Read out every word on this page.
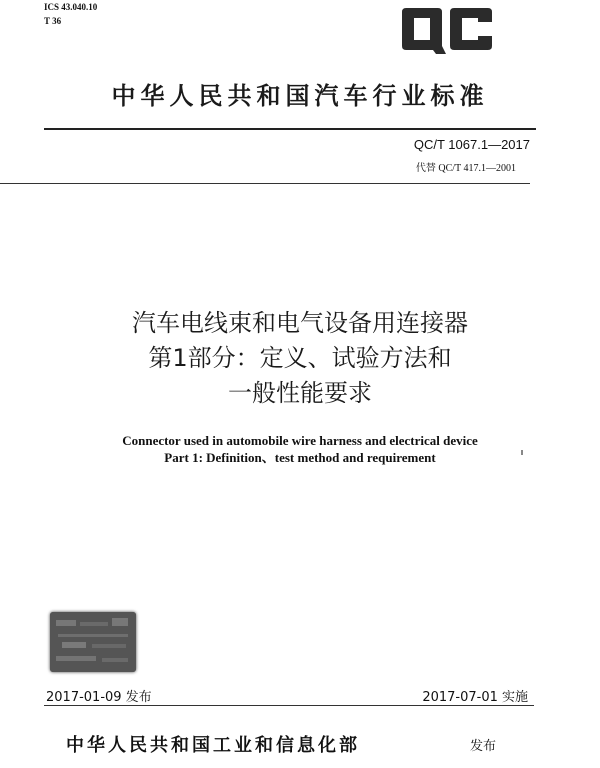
ICS 43.040.10
T 36
中华人民共和国汽车行业标准
QC/T 1067.1—2017
代替 QC/T 417.1—2001
汽车电线束和电气设备用连接器
第1部分：定义、试验方法和
一般性能要求
Connector used in automobile wire harness and electrical device
Part 1: Definition、test method and requirement
2017-01-09 发布	2017-07-01 实施
中华人民共和国工业和信息化部	发布
